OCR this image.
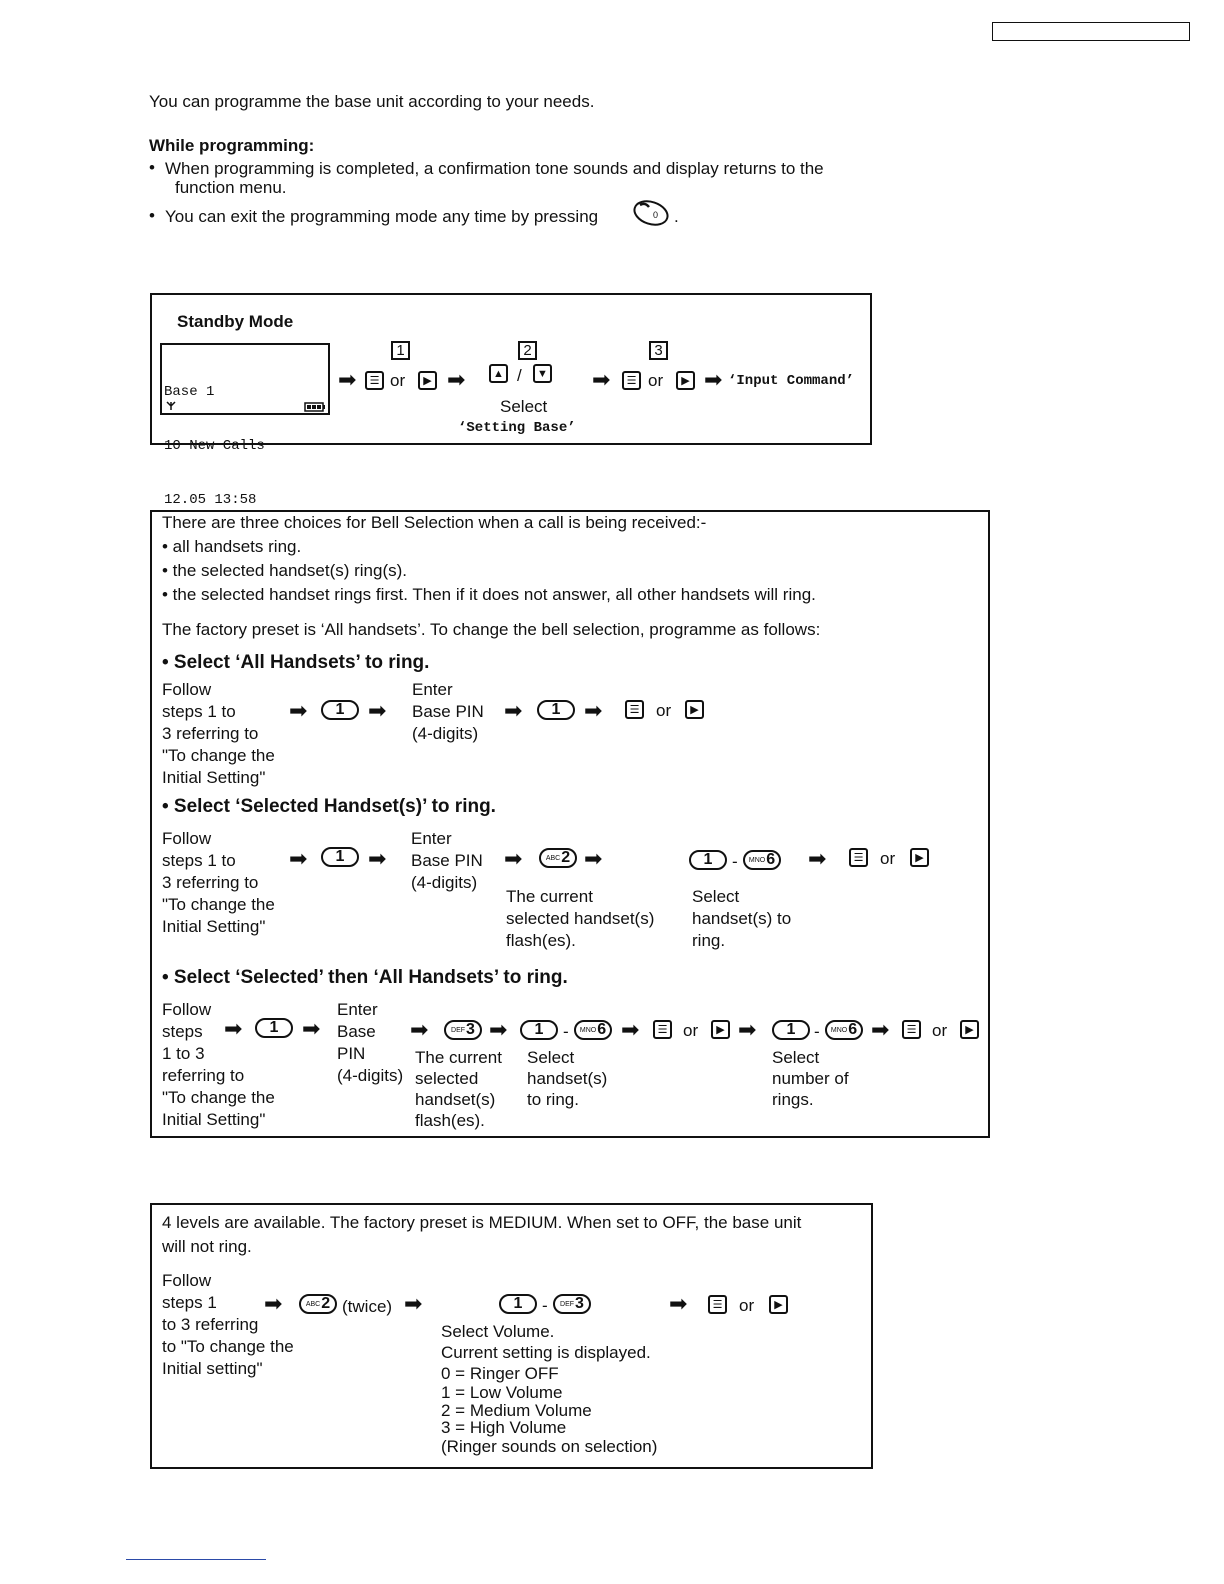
You can programme the base unit according to your needs.
While programming:
• When programming is completed, a confirmation tone sounds and display returns to the
function menu.
• You can exit the programming mode any time by pressing	0 .
Standby Mode

Base 1

10 New Calls

12.05 13:58

1	2	3
➡	☰ or	▶ ➡	▲ /	▼ ➡	☰ or	▶ ➡ ‘Input Command’
Select
‘Setting Base’
There are three choices for Bell Selection when a call is being received:-
• all handsets ring.
• the selected handset(s) ring(s).
• the selected handset rings first. Then if it does not answer, all other handsets will ring.
The factory preset is ‘All handsets’. To change the bell selection, programme as follows:
• Select ‘All Handsets’ to ring.
Follow
steps 1 to
3 referring to
"To change the
Initial Setting"
➡	1	➡
Enter
Base PIN
(4-digits)
➡	1	➡	☰ or	▶
• Select ‘Selected Handset(s)’ to ring.
Follow
steps 1 to
3 referring to
"To change the
Initial Setting"
➡	1	➡
Enter
Base PIN
(4-digits)
➡	ABC 2 ➡
The current
selected handset(s)
flash(es).
1	- MNO 6
Select
handset(s) to
ring.
➡	☰ or	▶
• Select ‘Selected’ then ‘All Handsets’ to ring.
Follow
steps
1 to 3
referring to
"To change the
Initial Setting"
➡	1	➡
Enter
Base
PIN
(4-digits)
➡	DEF 3 ➡
The current
selected
handset(s)
flash(es).
1	- MNO 6
Select
handset(s)
to ring.
➡	☰ or	▶ ➡	1	- MNO 6
Select
number of
rings.
➡	☰ or	▶
4 levels are available. The factory preset is MEDIUM. When set to OFF, the base unit
will not ring.
Follow
steps 1
to 3 referring
to "To change the
Initial setting"
➡	ABC 2 (twice) ➡	1	- DEF 3	➡	☰ or	▶
Select Volume.
Current setting is displayed.
0 = Ringer OFF
1 = Low Volume
2 = Medium Volume
3 = High Volume
(Ringer sounds on selection)
